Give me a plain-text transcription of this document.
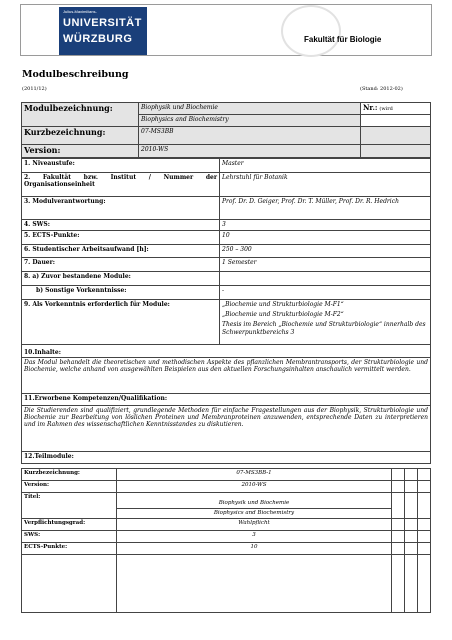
Julius-Maximilians-
UNIVERSITÄT
WÜRZBURG	Fakultät für Biologie
Modulbeschreibung
(2011/12)	(Stand: 2012-02)
Modulbezeichnung:	Biophysik und Biochemie	Nr.: (wird
	Biophysics and Biochemistry	
Kurzbezeichnung:	07-MS3BB	
Version:	2010-WS	
1. Niveaustufe:	Master
2. Fakultät bzw. Institut / Nummer der Organisationseinheit	Lehrstuhl für Botanik
3. Modulverantwortung:	Prof. Dr. D. Geiger, Prof. Dr. T. Müller, Prof. Dr. R. Hedrich
4. SWS:	3
5. ECTS-Punkte:	10
6. Studentischer Arbeitsaufwand [h]:	250 – 300
7. Dauer:	1 Semester
8. a) Zuvor bestandene Module:	
b) Sonstige Vorkenntnisse:	-
9. Als Vorkenntnis erforderlich für Module:	„Biochemie und Strukturbiologie M-F1“
„Biochemie und Strukturbiologie M-F2“
Thesis im Bereich „Biochemie und Strukturbiologie“ innerhalb des Schwerpunktbereichs 3

10.Inhalte:	
Das Modul behandelt die theoretischen und methodischen Aspekte des pflanzlichen Membrantransports, der Strukturbiologie und Biochemie, welche anhand von ausgewählten Beispielen aus den aktuellen Forschungsinhalten anschaulich vermittelt werden.	
11.Erworbene Kompetenzen/Qualifikation:	
Die Studierenden sind qualifiziert, grundlegende Methoden für einfache Fragestellungen aus der Biophysik, Strukturbiologie und Biochemie zur Bearbeitung von löslichen Proteinen und Membranproteinen anzuwenden, entsprechende Daten zu interpretieren und im Rahmen des wissenschaftlichen Kenntnisstandes zu diskutieren.	
12.Teilmodule:	
Kurzbezeichnung:	07-MS3BB-1			
Version:	2010-WS			
Titel:	Biophysik und Biochemie
Biophysics and Biochemistry			

Verpflichtungsgrad:	Wahlpflicht			
SWS:	3			
ECTS-Punkte:	10			
